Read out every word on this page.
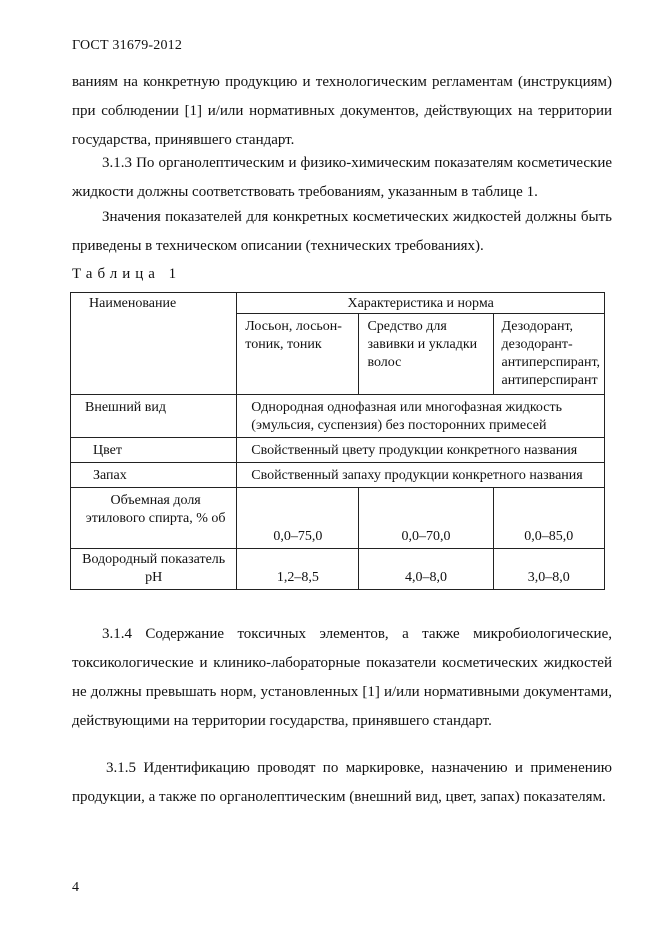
ГОСТ 31679-2012
ваниям на конкретную продукцию и технологическим регламентам (инструкциям) при соблюдении [1] и/или нормативных документов, действующих на территории государства, принявшего стандарт.
3.1.3 По органолептическим и физико-химическим показателям косметические жидкости должны соответствовать требованиям, указанным в таблице 1.
Значения показателей для конкретных косметических жидкостей должны быть приведены в техническом описании (технических требованиях).
Таблица 1
Наименование	Характеристика и норма		
	Лосьон, лосьон-тоник, тоник	Средство для завивки и укладки волос	Дезодорант, дезодорант-антиперспирант, антиперспирант
Внешний вид	Однородная однофазная или многофазная жидкость (эмульсия, суспензия) без посторонних примесей		
Цвет	Свойственный цвету продукции конкретного названия		
Запах	Свойственный запаху продукции конкретного названия		
Объемная доля этилового спирта, % об	0,0–75,0	0,0–70,0	0,0–85,0
Водородный показатель pH	1,2–8,5	4,0–8,0	3,0–8,0
3.1.4 Содержание токсичных элементов, а также микробиологические, токсикологические и клинико-лабораторные показатели косметических жидкостей не должны превышать норм, установленных [1] и/или нормативными документами, действующими на территории государства, принявшего стандарт.
3.1.5 Идентификацию проводят по маркировке, назначению и применению продукции, а также по органолептическим (внешний вид, цвет, запах) показателям.
4
